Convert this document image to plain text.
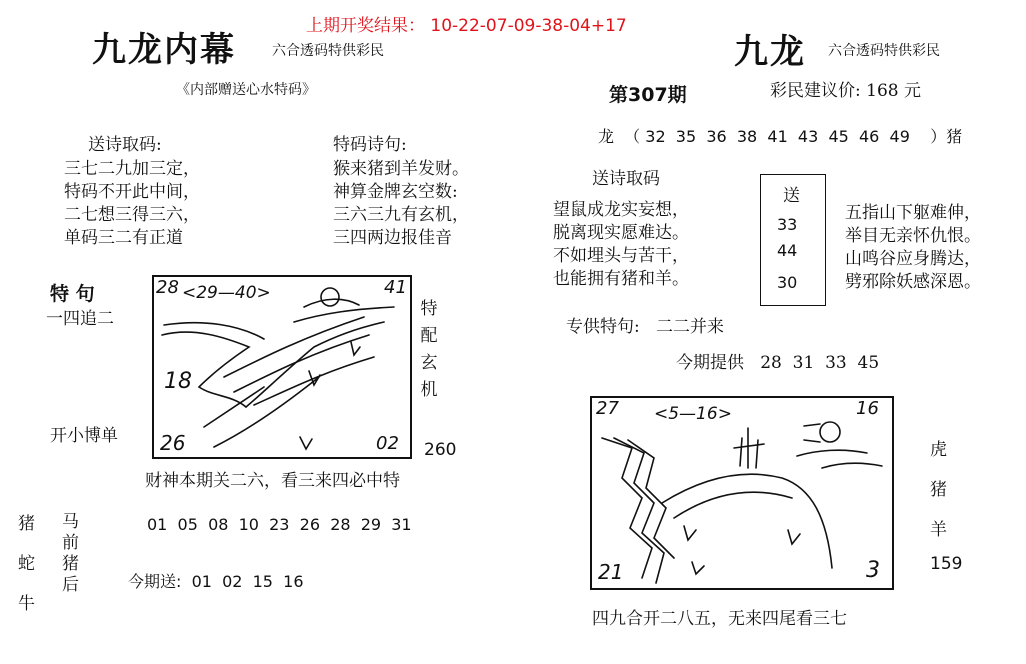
上期开奖结果： 10-22-07-09-38-04+17
九龙内幕	六合透码特供彩民
《内部赠送心水特码》
送诗取码:
三七二九加三定，
特码不开此中间，
二七想三得三六，
单码三二有正道
特码诗句:
猴来猪到羊发财。
神算金牌玄空数:
三六三九有玄机，
三四两边报佳音
特 句
一四追二
开小博单
28 <29—40>	41
18
26	02
特配玄机
260
财神本期关二六，看三来四必中特
猪
蛇
牛
马
前
猪
后
01  05  08  10  23  26  28  29  31
今期送:  01  02  15  16
九龙 六合透码特供彩民
第307期	彩民建议价: 168 元
龙  （ 32  35  36  38  41  43  45  46  49    ）猪
送诗取码
望鼠成龙实妄想，
脱离现实愿难达。
不如埋头与苦干，
也能拥有猪和羊。
送
33
44
30
五指山下躯难伸，
举目无亲怀仇恨。
山鸣谷应身腾达，
劈邪除妖感深恩。
专供特句:   二二并来
今期提供   28  31  33  45
27 <5—16>	16
21	3
虎
猪
羊
159
四九合开二八五，无来四尾看三七
